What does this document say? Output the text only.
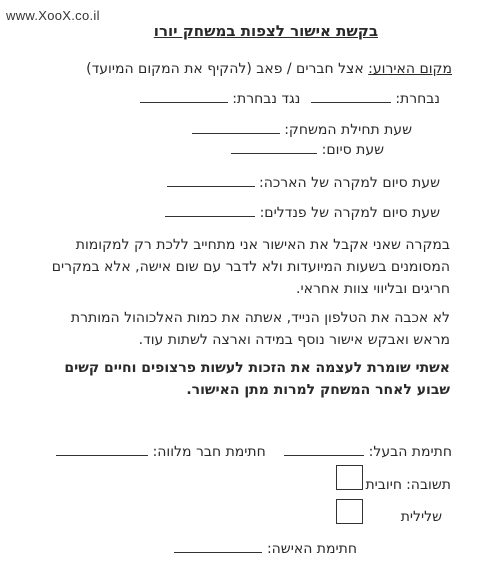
www.XooX.co.il
בקשת אישור לצפות במשחק יורו
מקום האירוע: אצל חברים / פאב (להקיף את המקום המיועד)
נבחרת:  נגד נבחרת:
שעת תחילת המשחק:
שעת סיום:
שעת סיום למקרה של הארכה:
שעת סיום למקרה של פנדלים:
במקרה שאני אקבל את האישור אני מתחייב ללכת רק למקומות המסומנים בשעות המיועדות ולא לדבר עם שום אישה, אלא במקרים חריגים ובליווי צוות אחראי.
לא אכבה את הטלפון הנייד, אשתה את כמות האלכוהול המותרת מראש ואבקש אישור נוסף במידה וארצה לשתות עוד.
אשתי שומרת לעצמה את הזכות לעשות פרצופים וחיים קשים שבוע לאחר המשחק למרות מתן האישור.
חתימת הבעל:  חתימת חבר מלווה:
תשובה:
חיובית
שלילית
חתימת האישה:
